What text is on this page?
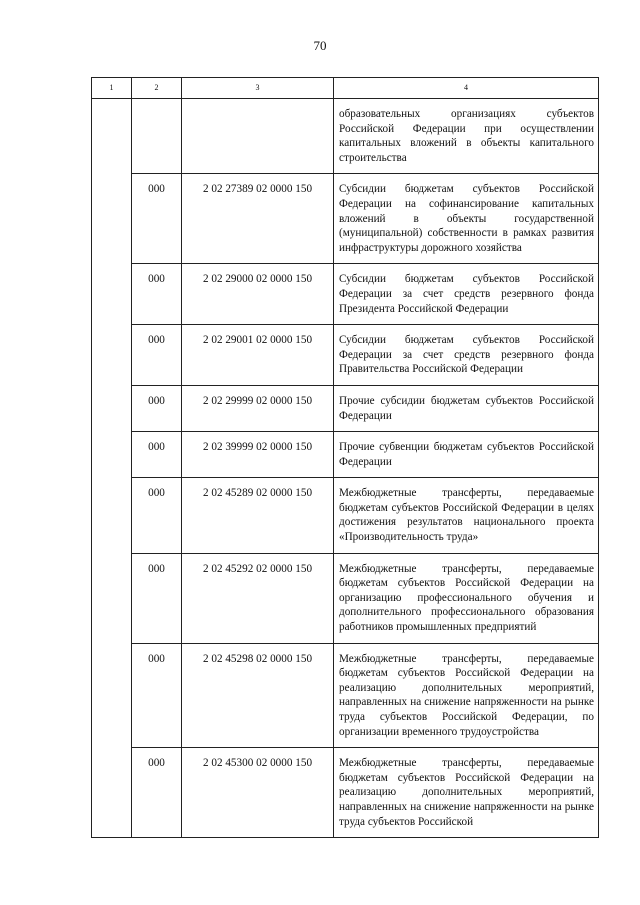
70
1	2	3	4
			образовательных организациях субъектов Российской Федерации при осуществлении капитальных вложений в объекты капитального строительства
	000	2 02 27389 02 0000 150	Субсидии бюджетам субъектов Российской Федерации на софинансирование капитальных вложений в объекты государственной (муниципальной) собственности в рамках развития инфраструктуры дорожного хозяйства
	000	2 02 29000 02 0000 150	Субсидии бюджетам субъектов Российской Федерации за счет средств резервного фонда Президента Российской Федерации
	000	2 02 29001 02 0000 150	Субсидии бюджетам субъектов Российской Федерации за счет средств резервного фонда Правительства Российской Федерации
	000	2 02 29999 02 0000 150	Прочие субсидии бюджетам субъектов Российской Федерации
	000	2 02 39999 02 0000 150	Прочие субвенции бюджетам субъектов Российской Федерации
	000	2 02 45289 02 0000 150	Межбюджетные трансферты, передаваемые бюджетам субъектов Российской Федерации в целях достижения результатов национального проекта «Производительность труда»
	000	2 02 45292 02 0000 150	Межбюджетные трансферты, передаваемые бюджетам субъектов Российской Федерации на организацию профессионального обучения и дополнительного профессионального образования работников промышленных предприятий
	000	2 02 45298 02 0000 150	Межбюджетные трансферты, передаваемые бюджетам субъектов Российской Федерации на реализацию дополнительных мероприятий, направленных на снижение напряженности на рынке труда субъектов Российской Федерации, по организации временного трудоустройства
	000	2 02 45300 02 0000 150	Межбюджетные трансферты, передаваемые бюджетам субъектов Российской Федерации на реализацию дополнительных мероприятий, направленных на снижение напряженности на рынке труда субъектов Российской
